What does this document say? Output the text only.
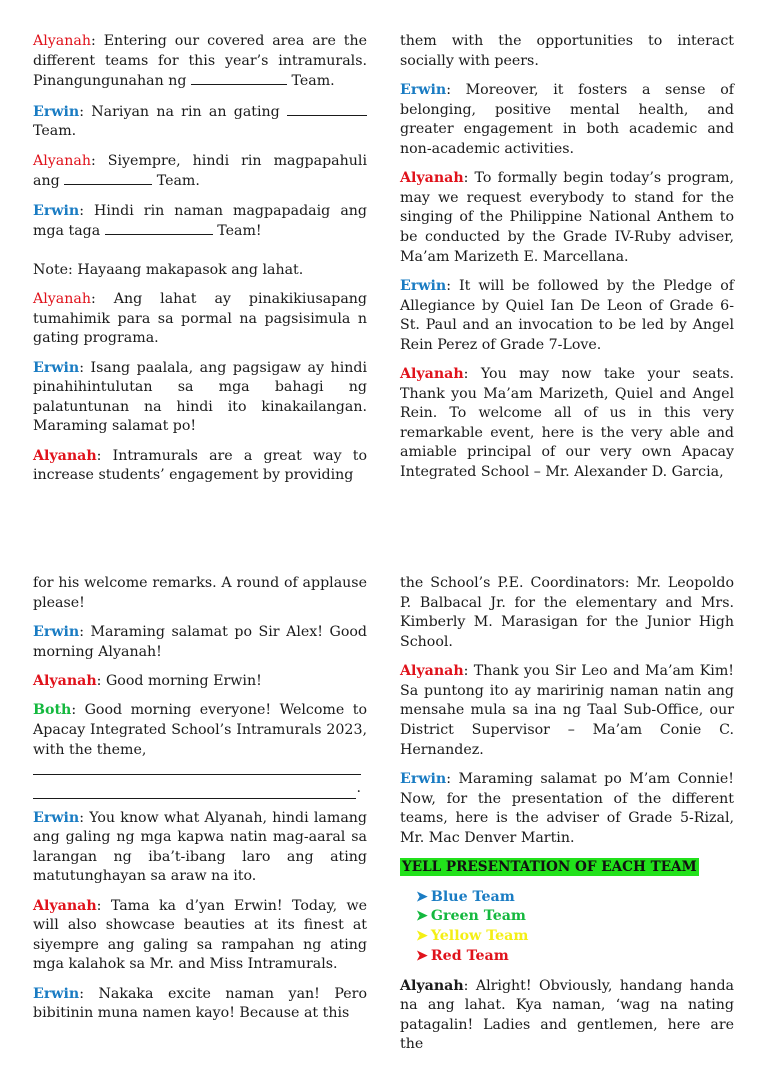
Alyanah: Entering our covered area are the different teams for this year’s intramurals. Pinangungunahan ng	Team.

Erwin: Nariyan na rin an gating  Team.

Alyanah: Siyempre, hindi rin magpapahuli ang	Team.

Erwin: Hindi rin naman magpapadaig ang mga taga	Team!

Note: Hayaang makapasok ang lahat.

Alyanah: Ang lahat ay pinakikiusapang tumahimik para sa pormal na pagsisimula n gating programa.

Erwin: Isang paalala, ang pagsigaw ay hindi pinahihintulutan sa mga bahagi ng palatuntunan na hindi ito kinakailangan. Maraming salamat po!

Alyanah: Intramurals are a great way to increase students’ engagement by providing

them with the opportunities to interact socially with peers.

Erwin: Moreover, it fosters a sense of belonging, positive mental health, and greater engagement in both academic and non-academic activities.

Alyanah: To formally begin today’s program, may we request everybody to stand for the singing of the Philippine National Anthem to be conducted by the Grade IV-Ruby adviser, Ma’am Marizeth E. Marcellana.

Erwin: It will be followed by the Pledge of Allegiance by Quiel Ian De Leon of Grade 6-St. Paul and an invocation to be led by Angel Rein Perez of Grade 7-Love.

Alyanah: You may now take your seats. Thank you Ma’am Marizeth, Quiel and Angel Rein. To welcome all of us in this very remarkable event, here is the very able and amiable principal of our very own Apacay Integrated School – Mr. Alexander D. Garcia,

for his welcome remarks. A round of applause please!

Erwin: Maraming salamat po Sir Alex! Good morning Alyanah!

Alyanah: Good morning Erwin!

Both: Good morning everyone! Welcome to Apacay Integrated School’s Intramurals 2023, with the theme,
.

Erwin: You know what Alyanah, hindi lamang ang galing ng mga kapwa natin mag-aaral sa larangan ng iba’t-ibang laro ang ating matutunghayan sa araw na ito.

Alyanah: Tama ka d’yan Erwin! Today, we will also showcase beauties at its finest at siyempre ang galing sa rampahan ng ating mga kalahok sa Mr. and Miss Intramurals.

Erwin: Nakaka excite naman yan! Pero bibitinin muna namen kayo! Because at this

the School’s P.E. Coordinators: Mr. Leopoldo P. Balbacal Jr. for the elementary and Mrs. Kimberly M. Marasigan for the Junior High School.

Alyanah: Thank you Sir Leo and Ma’am Kim! Sa puntong ito ay maririnig naman natin ang mensahe mula sa ina ng Taal Sub-Office, our District Supervisor – Ma’am Conie C. Hernandez.

Erwin: Maraming salamat po M’am Connie! Now, for the presentation of the different teams, here is the adviser of Grade 5-Rizal, Mr. Mac Denver Martin.

YELL PRESENTATION OF EACH TEAM

➤ Blue Team
➤ Green Team
➤ Yellow Team
➤ Red Team

Alyanah: Alright! Obviously, handang handa na ang lahat. Kya naman, ‘wag na nating patagalin! Ladies and gentlemen, here are the
